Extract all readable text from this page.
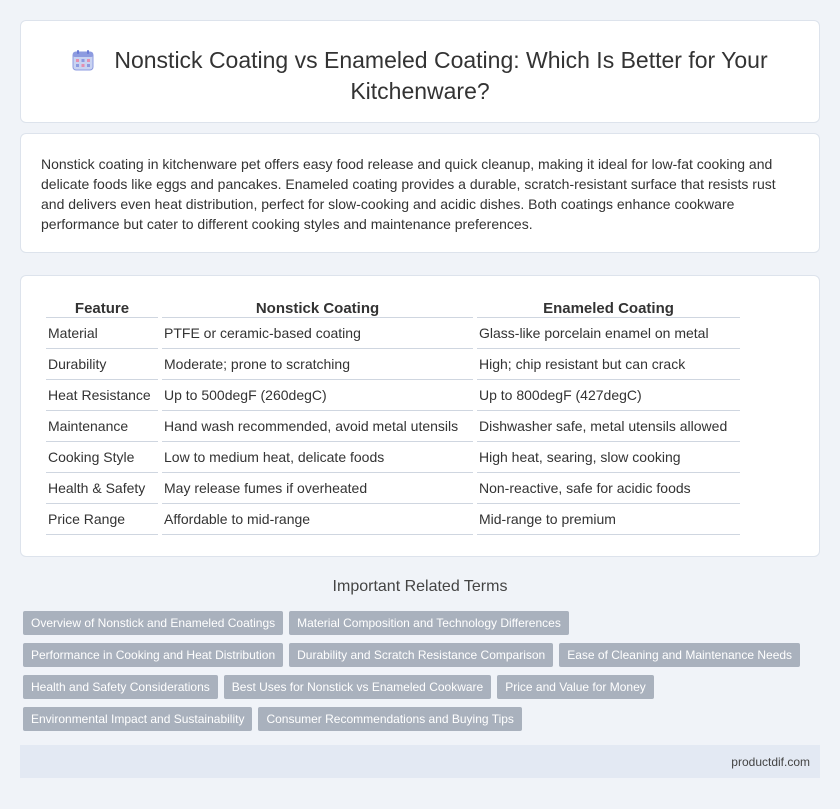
Nonstick Coating vs Enameled Coating: Which Is Better for Your
Kitchenware?
Nonstick coating in kitchenware pet offers easy food release and quick cleanup, making it ideal for low-fat cooking and delicate foods like eggs and pancakes. Enameled coating provides a durable, scratch-resistant surface that resists rust and delivers even heat distribution, perfect for slow-cooking and acidic dishes. Both coatings enhance cookware performance but cater to different cooking styles and maintenance preferences.
Feature	Nonstick Coating	Enameled Coating
Material	PTFE or ceramic-based coating	Glass-like porcelain enamel on metal
Durability	Moderate; prone to scratching	High; chip resistant but can crack
Heat Resistance	Up to 500degF (260degC)	Up to 800degF (427degC)
Maintenance	Hand wash recommended, avoid metal utensils	Dishwasher safe, metal utensils allowed
Cooking Style	Low to medium heat, delicate foods	High heat, searing, slow cooking
Health & Safety	May release fumes if overheated	Non-reactive, safe for acidic foods
Price Range	Affordable to mid-range	Mid-range to premium
Important Related Terms
Overview of Nonstick and Enameled Coatings Material Composition and Technology Differences
Performance in Cooking and Heat Distribution Durability and Scratch Resistance Comparison Ease of Cleaning and Maintenance Needs
Health and Safety Considerations Best Uses for Nonstick vs Enameled Cookware Price and Value for Money
Environmental Impact and Sustainability Consumer Recommendations and Buying Tips
productdif.com
